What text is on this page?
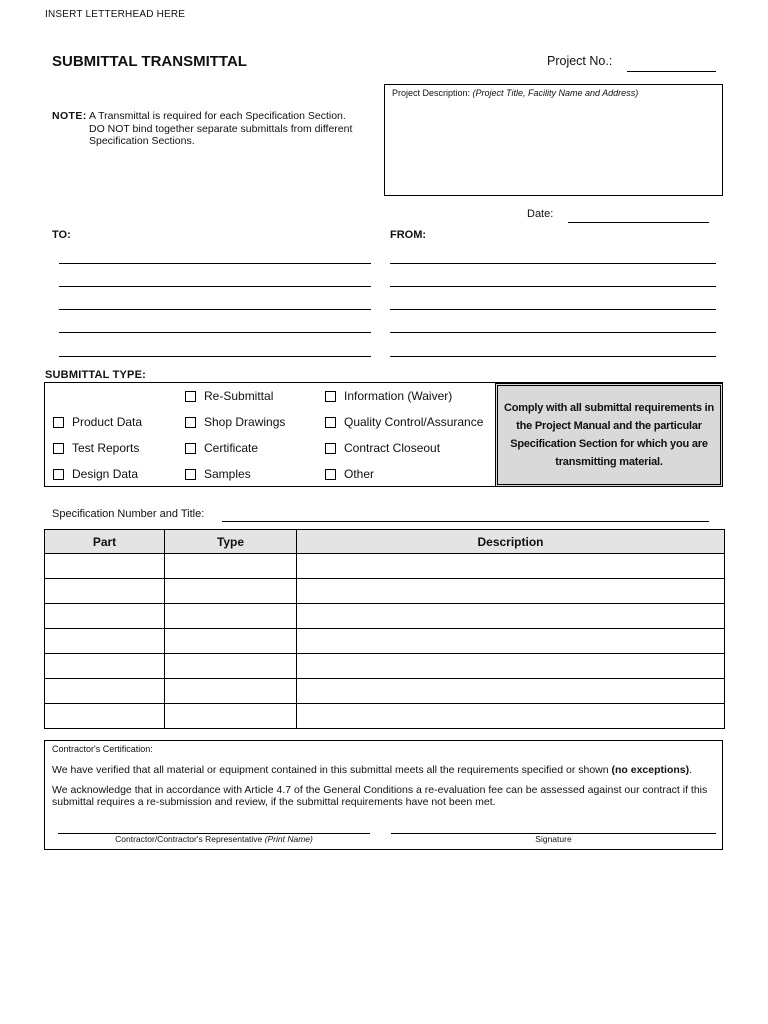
INSERT LETTERHEAD HERE
SUBMITTAL TRANSMITTAL	Project No.:
NOTE: A Transmittal is required for each Specification Section.
DO NOT bind together separate submittals from different
Specification Sections.
Project Description: (Project Title, Facility Name and Address)
Date:
TO:	FROM:
SUBMITTAL TYPE:
Product Data
Test Reports
Design Data
Re-Submittal
Shop Drawings
Certificate
Samples
Information (Waiver)
Quality Control/Assurance
Contract Closeout
Other
Comply with all submittal requirements in the Project Manual and the particular Specification Section for which you are transmitting material.
Specification Number and Title:
Part	Type	Description

Contractor's Certification:
We have verified that all material or equipment contained in this submittal meets all the requirements specified or shown (no exceptions).
We acknowledge that in accordance with Article 4.7 of the General Conditions a re-evaluation fee can be assessed against our contract if this submittal requires a re-submission and review, if the submittal requirements have not been met.
Contractor/Contractor's Representative (Print Name)	Signature
